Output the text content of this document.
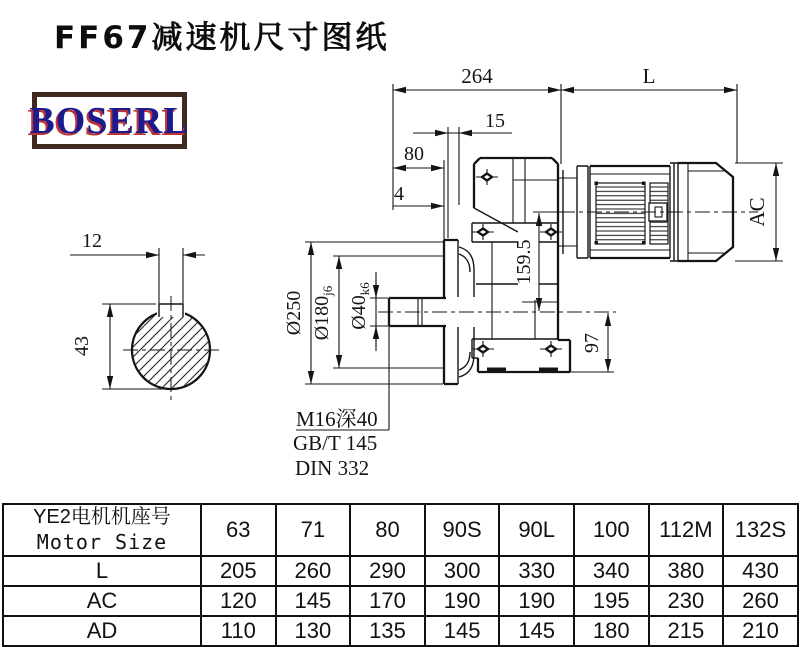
FF67减速机尺寸图纸
BOSERL
12
43
264	L
15
80
4
Ø250 $Ø180_{j6}$
$Ø40_{k6}$
AC
159.5
97
M16深40
GB/T 145
DIN 332
YE2电机机座号
Motor Size	63	71	80	90S	90L	100	112M	132S
L	205	260	290	300	330	340	380	430
AC	120	145	170	190	190	195	230	260
AD	110	130	135	145	145	180	215	210
